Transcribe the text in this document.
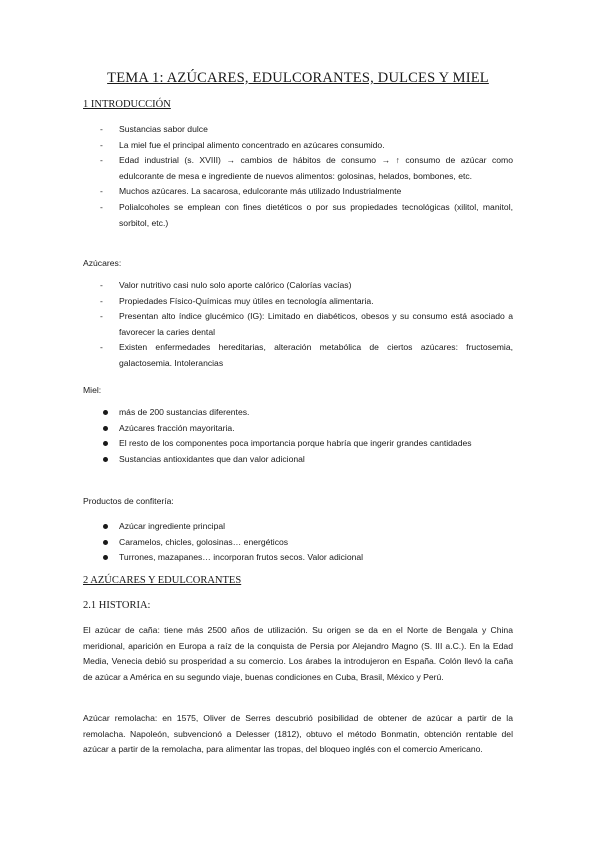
TEMA 1: AZÚCARES, EDULCORANTES, DULCES Y MIEL
1 INTRODUCCIÓN
-	Sustancias sabor dulce
-	La miel fue el principal alimento concentrado en azúcares consumido.
-	Edad industrial (s. XVIII) → cambios de hábitos de consumo → ↑ consumo de azúcar como edulcorante de mesa e ingrediente de nuevos alimentos: golosinas, helados, bombones, etc.
-	Muchos azúcares. La sacarosa, edulcorante más utilizado Industrialmente
-	Polialcoholes se emplean con fines dietéticos o por sus propiedades tecnológicas (xilitol, manitol, sorbitol, etc.)
Azúcares:
-	Valor nutritivo casi nulo solo aporte calórico (Calorías vacías)
-	Propiedades Físico-Químicas muy útiles en tecnología alimentaria.
-	Presentan alto índice glucémico (IG): Limitado en diabéticos, obesos y su consumo está asociado a favorecer la caries dental
-	Existen enfermedades hereditarias, alteración metabólica de ciertos azúcares: fructosemia, galactosemia. Intolerancias
Miel:
más de 200 sustancias diferentes.
Azúcares fracción mayoritaria.
El resto de los componentes poca importancia porque habría que ingerir grandes cantidades
Sustancias antioxidantes que dan valor adicional
Productos de confitería:
Azúcar ingrediente principal
Caramelos, chicles, golosinas… energéticos
Turrones, mazapanes… incorporan frutos secos. Valor adicional
2 AZÚCARES Y EDULCORANTES
2.1 HISTORIA:

El azúcar de caña: tiene más 2500 años de utilización. Su origen se da en el Norte de Bengala y China meridional, aparición en Europa a raíz de la conquista de Persia por Alejandro Magno (S. III a.C.). En la Edad Media, Venecia debió su prosperidad a su comercio. Los árabes la introdujeron en España. Colón llevó la caña de azúcar a América en su segundo viaje, buenas condiciones en Cuba, Brasil, México y Perú.

Azúcar remolacha: en 1575, Oliver de Serres descubrió posibilidad de obtener de azúcar a partir de la remolacha. Napoleón, subvencionó a Delesser (1812), obtuvo el método Bonmatin, obtención rentable del azúcar a partir de la remolacha, para alimentar las tropas, del bloqueo inglés con el comercio Americano.
